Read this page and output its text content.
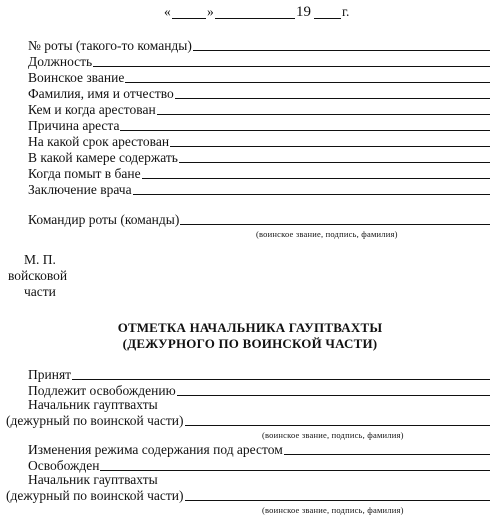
«	»	19 г.
№ роты (такого-то команды)
Должность
Воинское звание
Фамилия, имя и отчество
Кем и когда арестован
Причина ареста
На какой срок арестован
В какой камере содержать
Когда помыт в бане
Заключение врача
Командир роты (команды)
(воинское звание, подпись, фамилия)
М. П.
войсковой
части
ОТМЕТКА НАЧАЛЬНИКА ГАУПТВАХТЫ
(ДЕЖУРНОГО ПО ВОИНСКОЙ ЧАСТИ)
Принят
Подлежит освобождению
Начальник гауптвахты
(дежурный по воинской части)
(воинское звание, подпись, фамилия)
Изменения режима содержания под арестом
Освобожден
Начальник гауптвахты
(дежурный по воинской части)
(воинское звание, подпись, фамилия)
